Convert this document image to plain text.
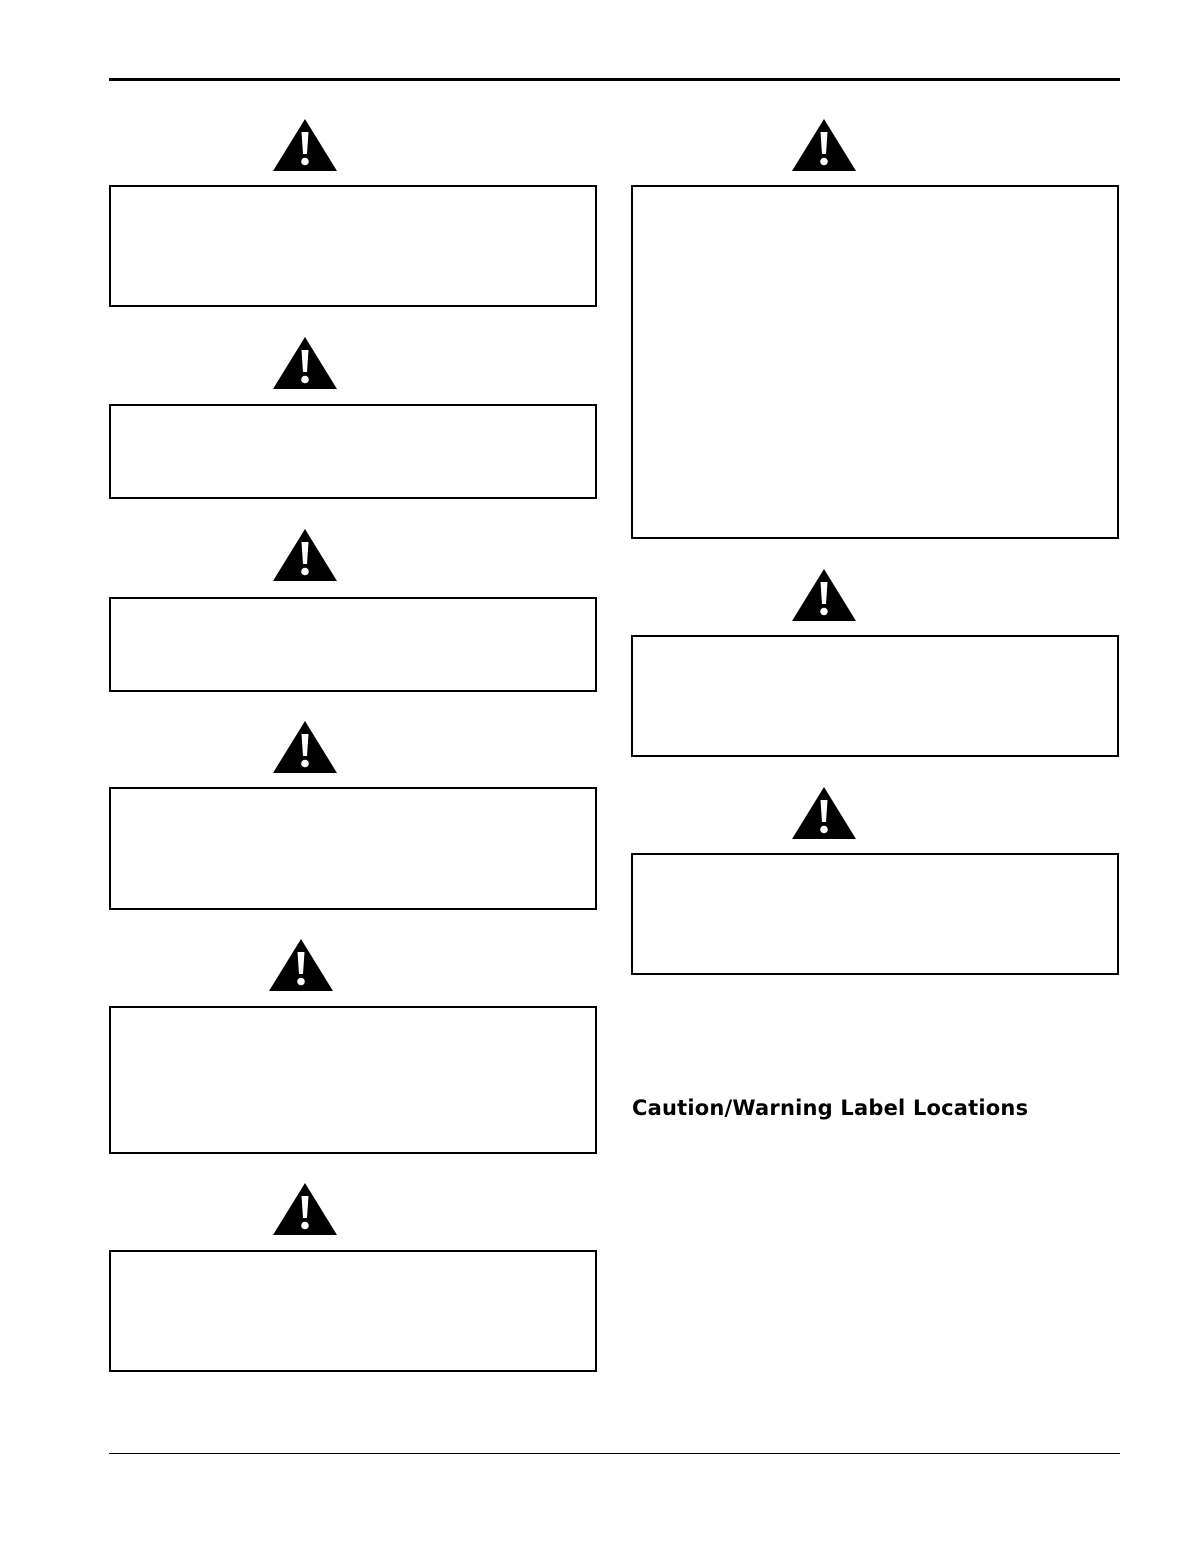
Caution/Warning Label Locations
